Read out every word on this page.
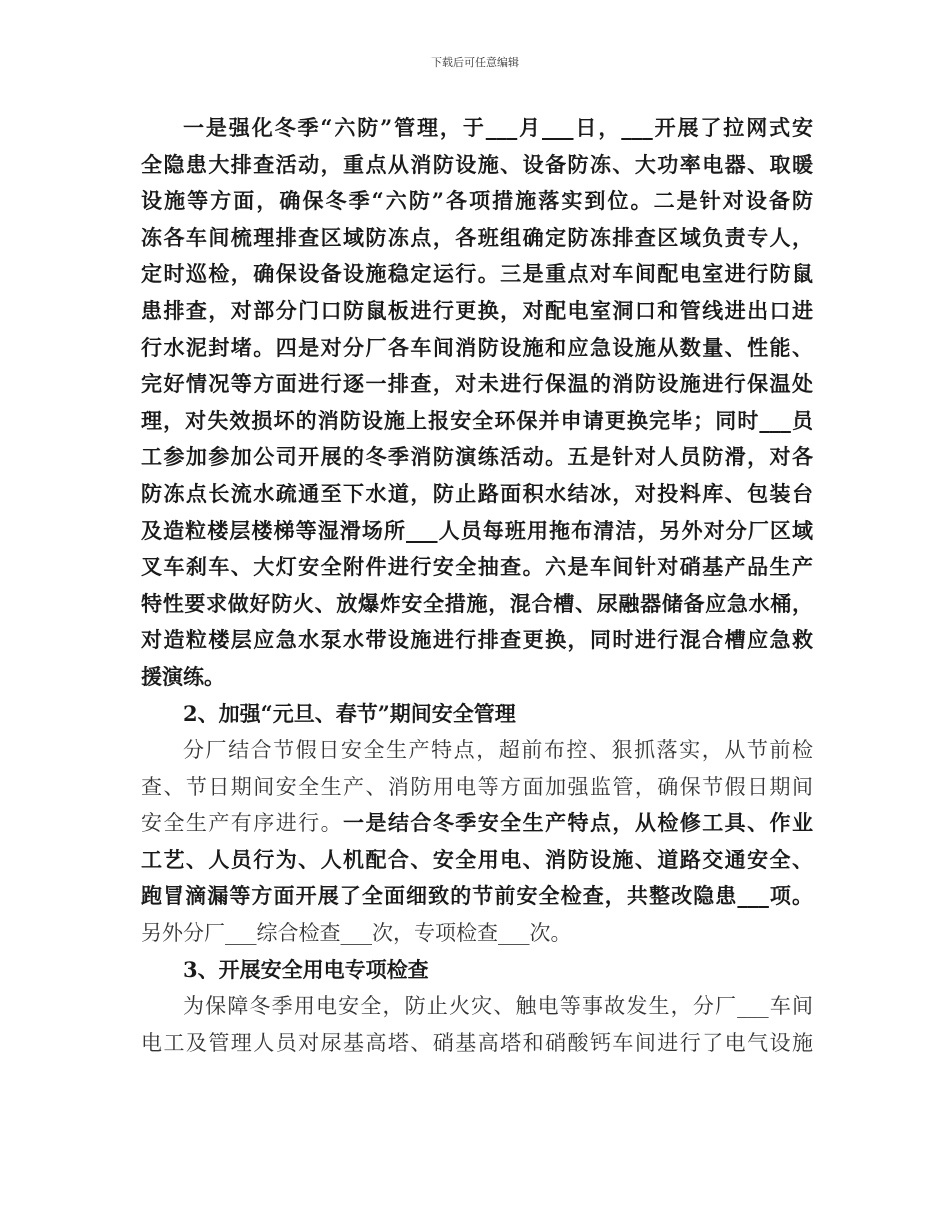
下载后可任意编辑
一是强化冬季“六防”管理，于___月___日，___开展了拉网式安
全隐患大排查活动，重点从消防设施、设备防冻、大功率电器、取暖
设施等方面，确保冬季“六防”各项措施落实到位。二是针对设备防
冻各车间梳理排查区域防冻点，各班组确定防冻排查区域负责专人，
定时巡检，确保设备设施稳定运行。三是重点对车间配电室进行防鼠
患排查，对部分门口防鼠板进行更换，对配电室洞口和管线进出口进
行水泥封堵。四是对分厂各车间消防设施和应急设施从数量、性能、
完好情况等方面进行逐一排查，对未进行保温的消防设施进行保温处
理，对失效损坏的消防设施上报安全环保并申请更换完毕；同时___员
工参加参加公司开展的冬季消防演练活动。五是针对人员防滑，对各
防冻点长流水疏通至下水道，防止路面积水结冰，对投料库、包装台
及造粒楼层楼梯等湿滑场所___人员每班用拖布清洁，另外对分厂区域
叉车刹车、大灯安全附件进行安全抽查。六是车间针对硝基产品生产
特性要求做好防火、放爆炸安全措施，混合槽、尿融器储备应急水桶，
对造粒楼层应急水泵水带设施进行排查更换，同时进行混合槽应急救
援演练。
2、加强“元旦、春节”期间安全管理
分厂结合节假日安全生产特点，超前布控、狠抓落实，从节前检
查、节日期间安全生产、消防用电等方面加强监管，确保节假日期间
安全生产有序进行。一是结合冬季安全生产特点，从检修工具、作业
工艺、人员行为、人机配合、安全用电、消防设施、道路交通安全、
跑冒滴漏等方面开展了全面细致的节前安全检查，共整改隐患___项。
另外分厂___综合检查___次，专项检查___次。
3、开展安全用电专项检查
为保障冬季用电安全，防止火灾、触电等事故发生，分厂___车间
电工及管理人员对尿基高塔、硝基高塔和硝酸钙车间进行了电气设施
